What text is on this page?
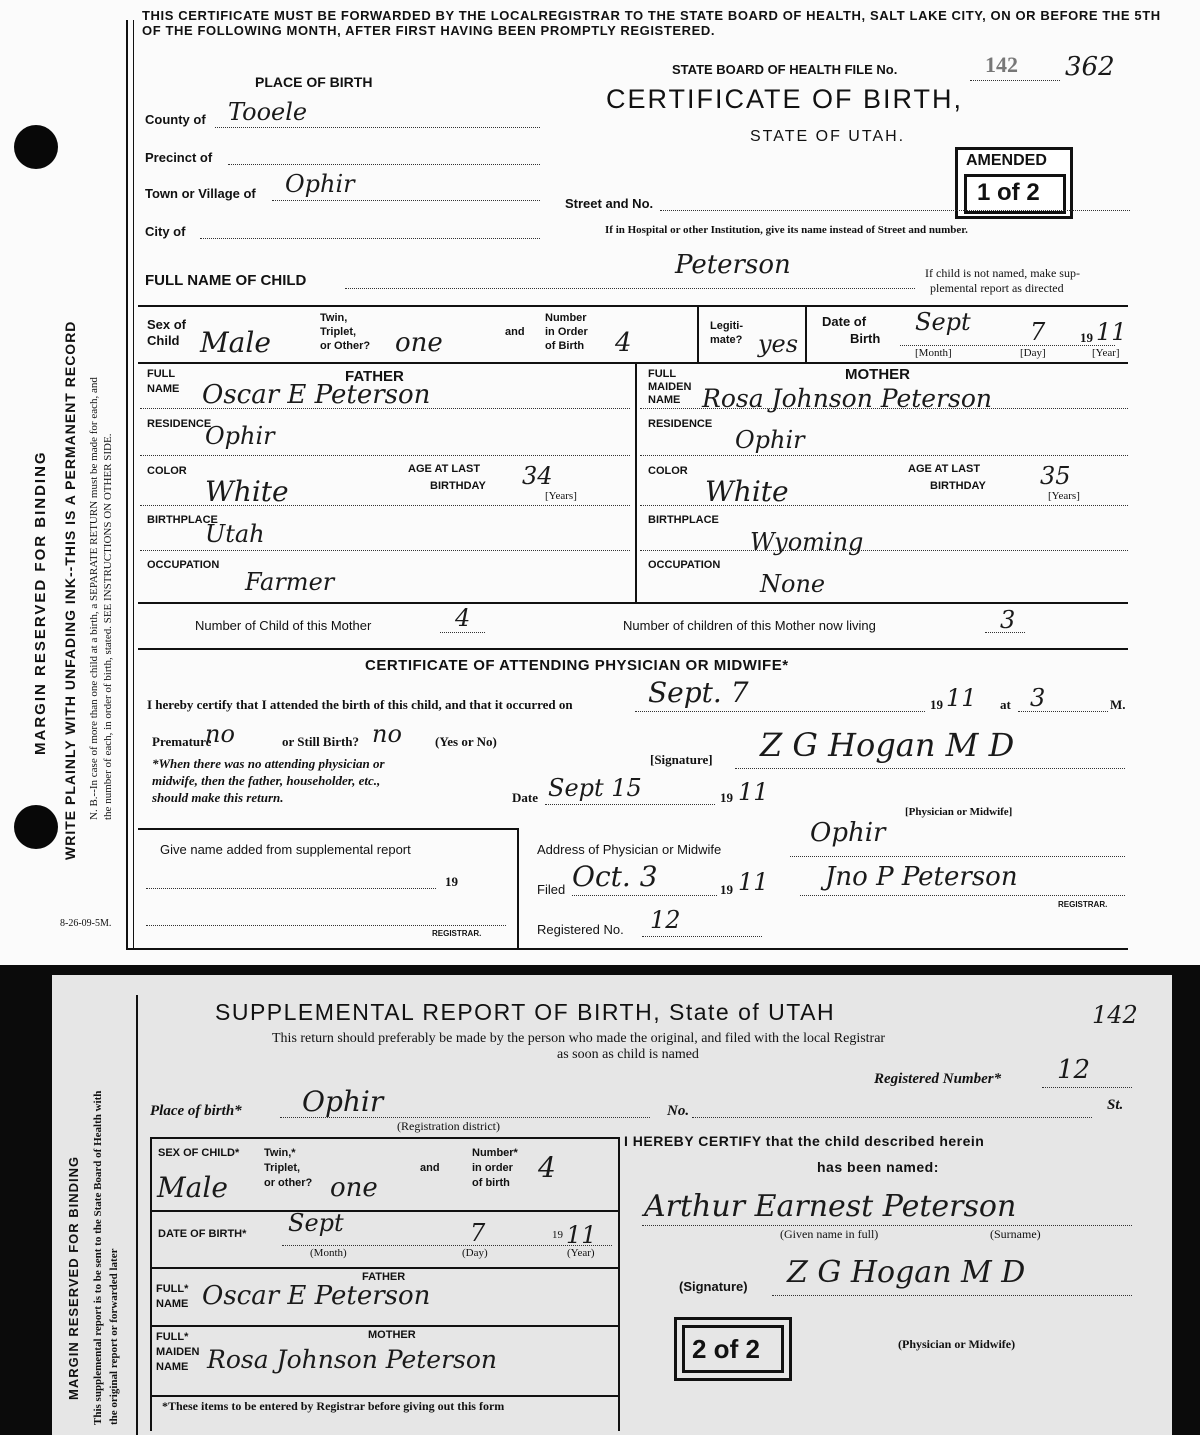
MARGIN RESERVED FOR BINDING WRITE PLAINLY WITH UNFADING INK--THIS IS A PERMANENT RECORD N. B.--In case of more than one child at a birth, a SEPARATE RETURN must be made for each, and the number of each, in order of birth, stated. SEE INSTRUCTIONS ON OTHER SIDE.
8-26-09-5M.
THIS CERTIFICATE MUST BE FORWARDED BY THE LOCALREGISTRAR TO THE STATE BOARD OF HEALTH, SALT LAKE CITY, ON OR BEFORE THE 5TH OF THE FOLLOWING MONTH, AFTER FIRST HAVING BEEN PROMPTLY REGISTERED.
STATE BOARD OF HEALTH FILE No.	142 362
CERTIFICATE OF BIRTH,
STATE OF UTAH.
AMENDED
1 of 2
PLACE OF BIRTH
County of Tooele
Precinct of
Town or Village of Ophir
City of
Street and No.
If in Hospital or other Institution, give its name instead of Street and number.
FULL NAME OF CHILD
Peterson	If child is not named, make sup-
plemental report as directed
Sex of
Child Male
Twin,
Triplet,
or Other? one	and
Number
in Order
of Birth 4
Legiti-
mate? yes
Date of
Birth
Sept 7	19 11
[Month]	[Day]	[Year]
FULL
NAME
FATHER
Oscar E Peterson
RESIDENCE
Ophir
COLOR
White
AGE AT LAST
BIRTHDAY 34
[Years]
BIRTHPLACE
Utah
OCCUPATION
Farmer
FULL
MAIDEN
NAME
MOTHER
Rosa Johnson Peterson
RESIDENCE
Ophir
COLOR
White
AGE AT LAST
BIRTHDAY 35
[Years]
BIRTHPLACE
Wyoming
OCCUPATION
None
Number of Child of this Mother	4	Number of children of this Mother now living	3
CERTIFICATE OF ATTENDING PHYSICIAN OR MIDWIFE*
I hereby certify that I attended the birth of this child, and that it occurred on	Sept. 7	19 11 at 3	M.
Premature
no	or Still Birth? no	(Yes or No)
*When there was no attending physician or
midwife, then the father, householder, etc.,
should make this return.
[Signature] Z G Hogan M D
Date Sept 15	19 11
[Physician or Midwife]
Give name added from supplemental report
19
REGISTRAR.
Address of Physician or Midwife
Ophir
Filed Oct. 3	19 11 Jno P Peterson
REGISTRAR.
Registered No. 12
MARGIN RESERVED FOR BINDING This supplemental report is to be sent to the State Board of Health with the original report or forwarded later
SUPPLEMENTAL REPORT OF BIRTH, State of UTAH
This return should preferably be made by the person who made the original, and filed with the local Registrar
as soon as child is named
142
Registered Number* 12
Place of birth* Ophir
(Registration district)
No.	St.
SEX OF CHILD*
Male
Twin,*
Triplet,
or other? one
and
Number*
in order
of birth 4
DATE OF BIRTH* Sept	7	19 11
(Month)	(Day)	(Year)
FATHER
FULL*
NAME Oscar E Peterson
MOTHER
FULL*
MAIDEN
NAME Rosa Johnson Peterson
*These items to be entered by Registrar before giving out this form
I HEREBY CERTIFY that the child described herein
has been named:
Arthur Earnest Peterson
(Given name in full)	(Surname)
(Signature) Z G Hogan M D
(Physician or Midwife)
2 of 2
